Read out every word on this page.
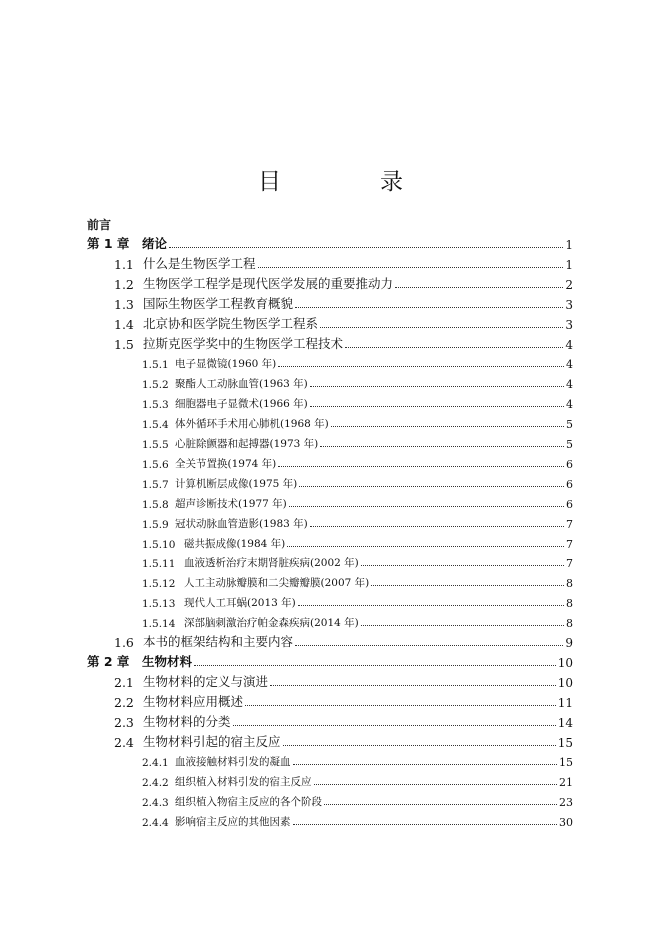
目　录
前言
第 1 章	绪论	1
1.1 什么是生物医学工程	1
1.2 生物医学工程学是现代医学发展的重要推动力	2
1.3 国际生物医学工程教育概貌	3
1.4 北京协和医学院生物医学工程系	3
1.5 拉斯克医学奖中的生物医学工程技术	4
1.5.1 电子显微镜(1960 年)	4
1.5.2 聚酯人工动脉血管(1963 年)	4
1.5.3 细胞器电子显微术(1966 年)	4
1.5.4 体外循环手术用心肺机(1968 年)	5
1.5.5 心脏除颤器和起搏器(1973 年)	5
1.5.6 全关节置换(1974 年)	6
1.5.7 计算机断层成像(1975 年)	6
1.5.8 超声诊断技术(1977 年)	6
1.5.9 冠状动脉血管造影(1983 年)	7
1.5.10 磁共振成像(1984 年)	7
1.5.11 血液透析治疗末期肾脏疾病(2002 年)	7
1.5.12 人工主动脉瓣膜和二尖瓣瓣膜(2007 年)	8
1.5.13 现代人工耳蜗(2013 年)	8
1.5.14 深部脑刺激治疗帕金森疾病(2014 年)	8
1.6 本书的框架结构和主要内容	9
第 2 章	生物材料	10
2.1 生物材料的定义与演进	10
2.2 生物材料应用概述	11
2.3 生物材料的分类	14
2.4 生物材料引起的宿主反应	15
2.4.1 血液接触材料引发的凝血	15
2.4.2 组织植入材料引发的宿主反应	21
2.4.3 组织植入物宿主反应的各个阶段	23
2.4.4 影响宿主反应的其他因素	30
